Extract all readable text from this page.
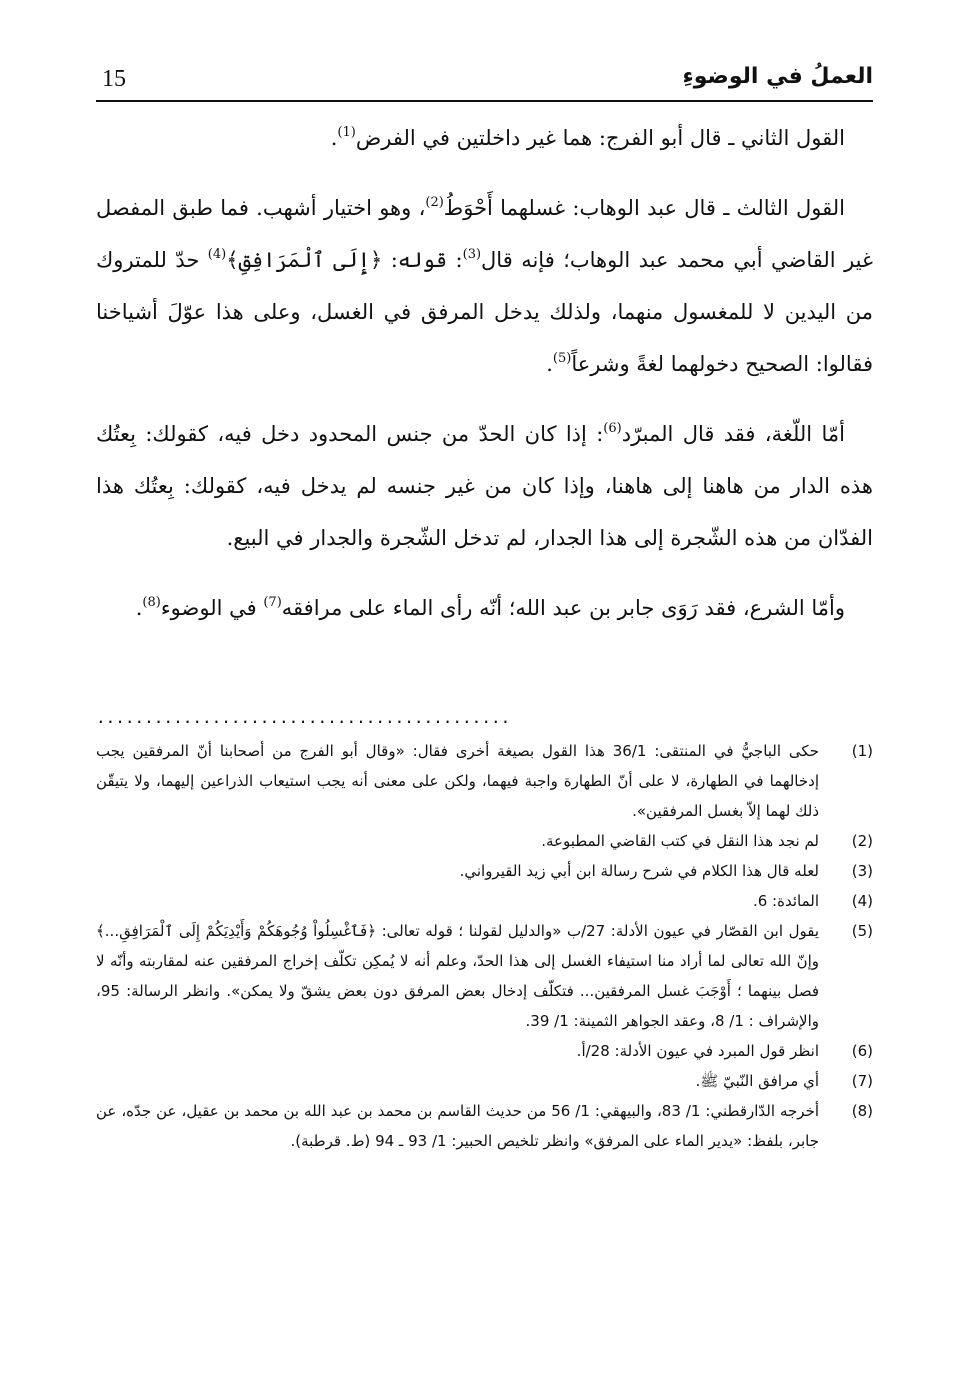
العملُ في الوضوءِ
15

القول الثاني ـ قال أبو الفرج: هما غير داخلتين في الفرض$^{(1)}$.

القول الثالث ـ قال عبد الوهاب: غسلهما أَحْوَطُ$^{(2)}$، وهو اختيار أشهب. فما طبق المفصل غير القاضي أبي محمد عبد الوهاب؛ فإنه قال$^{(3)}$: قوله: ﴿إِلَى ٱلْمَرَافِقِ﴾$^{(4)}$ حدّ للمتروك من اليدين لا للمغسول منهما، ولذلك يدخل المرفق في الغسل، وعلى هذا عوّلَ أشياخنا فقالوا: الصحيح دخولهما لغةً وشرعاً$^{(5)}$.

أمّا اللّغة، فقد قال المبرّد$^{(6)}$: إذا كان الحدّ من جنس المحدود دخل فيه، كقولك: بِعتُك هذه الدار من هاهنا إلى هاهنا، وإذا كان من غير جنسه لم يدخل فيه، كقولك: بِعتُك هذا الفدّان من هذه الشّجرة إلى هذا الجدار، لم تدخل الشّجرة والجدار في البيع.

وأمّا الشرع، فقد رَوَى جابر بن عبد الله؛ أنّه رأى الماء على مرافقه$^{(7)}$ في الوضوء$^{(8)}$.

...........................................
(1)
حكى الباجيُّ في المنتقى: 36/1 هذا القول بصيغة أخرى فقال: «وقال أبو الفرج من أصحابنا أنّ المرفقين يجب إدخالهما في الطهارة، لا على أنّ الطهارة واجبة فيهما، ولكن على معنى أنه يجب استيعاب الذراعين إليهما، ولا يتيقّن ذلك لهما إلاّ بغسل المرفقين».
(2)
لم نجد هذا النقل في كتب القاضي المطبوعة.
(3)
لعله قال هذا الكلام في شرح رسالة ابن أبي زيد القيرواني.
(4)
المائدة: 6.
(5)
يقول ابن القصّار في عيون الأدلة: 27/ب «والدليل لقولنا ؛ قوله تعالى: ﴿فَٱغْسِلُواْ وُجُوهَكُمْ وَأَيْدِيَكُمْ إِلَى ٱلْمَرَافِقِ...﴾ وإنّ الله تعالى لما أراد منا استيفاء الغسل إلى هذا الحدّ، وعلم أنه لا يُمكِن تكلّف إخراج المرفقين عنه لمقاربته وأنّه لا فصل بينهما ؛ أَوْجَبَ غسل المرفقين... فتكلّف إدخال بعض المرفق دون بعض يشقّ ولا يمكن». وانظر الرسالة: 95، والإشراف : 1/ 8، وعقد الجواهر الثمينة: 1/ 39.
(6)
انظر قول المبرد في عيون الأدلة: 28/أ.
(7)
أي مرافق النّبيّ ﷺ.
(8)
أخرجه الدّارقطني: 1/ 83، والبيهقي: 1/ 56 من حديث القاسم بن محمد بن عبد الله بن محمد بن عقيل، عن جدّه، عن جابر، بلفظ: «يدير الماء على المرفق» وانظر تلخيص الحبير: 1/ 93 ـ 94 (ط. قرطبة).
